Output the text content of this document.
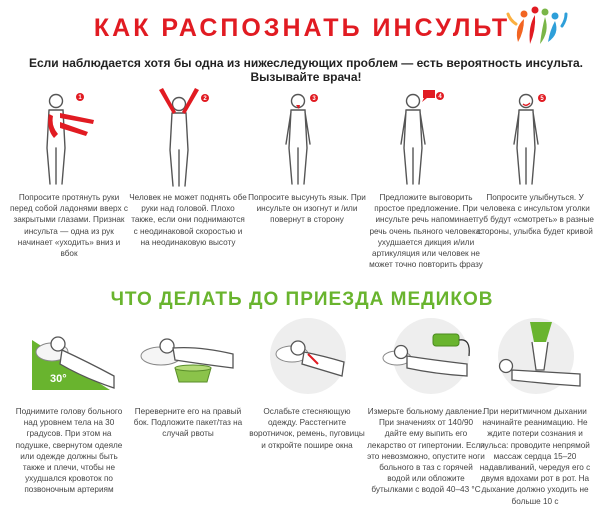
КАК РАСПОЗНАТЬ ИНСУЛЬТ
Если наблюдается хотя бы одна из нижеследующих проблем — есть вероятность инсульта. Вызывайте врача!
1
Попросите протянуть руки перед собой ладонями вверх с закрытыми глазами. Признак инсульта — одна из рук начинает «уходить» вниз и вбок
2
Человек не может поднять обе руки над головой. Плохо также, если они поднимаются с неодинаковой скоростью и на неодинаковую высоту
3
Попросите высунуть язык. При инсульте он изогнут и /или повернут в сторону
4
Предложите выговорить простое предложение. При инсульте речь напоминает речь очень пьяного человека: ухудшается дикция и/или артикуляция или человек не может точно повторить фразу
5
Попросите улыбнуться. У человека с инсультом уголки губ будут «смотреть» в разные стороны, улыбка будет кривой
ЧТО ДЕЛАТЬ ДО ПРИЕЗДА МЕДИКОВ
30°
Поднимите голову больного над уровнем тела на 30 градусов. При этом на подушке, свернутом одеяле или одежде должны быть также и плечи, чтобы не ухудшался кровоток по позвоночным артериям
Переверните его на правый бок. Подложите пакет/таз на случай рвоты
Ослабьте стесняющую одежду. Расстегните воротничок, ремень, пуговицы и откройте пошире окна
Измерьте больному давление. При значениях от 140/90 дайте ему выпить его лекарство от гипертонии. Если это невозможно, опустите ноги больного в таз с горячей водой или обложите бутылками с водой 40–43 °С
При неритмичном дыхании начинайте реанимацию. Не ждите потери сознания и пульса: проводите непрямой массаж сердца 15–20 надавливаний, чередуя его с двумя вдохами рот в рот. На дыхание должно уходить не больше 10 с
